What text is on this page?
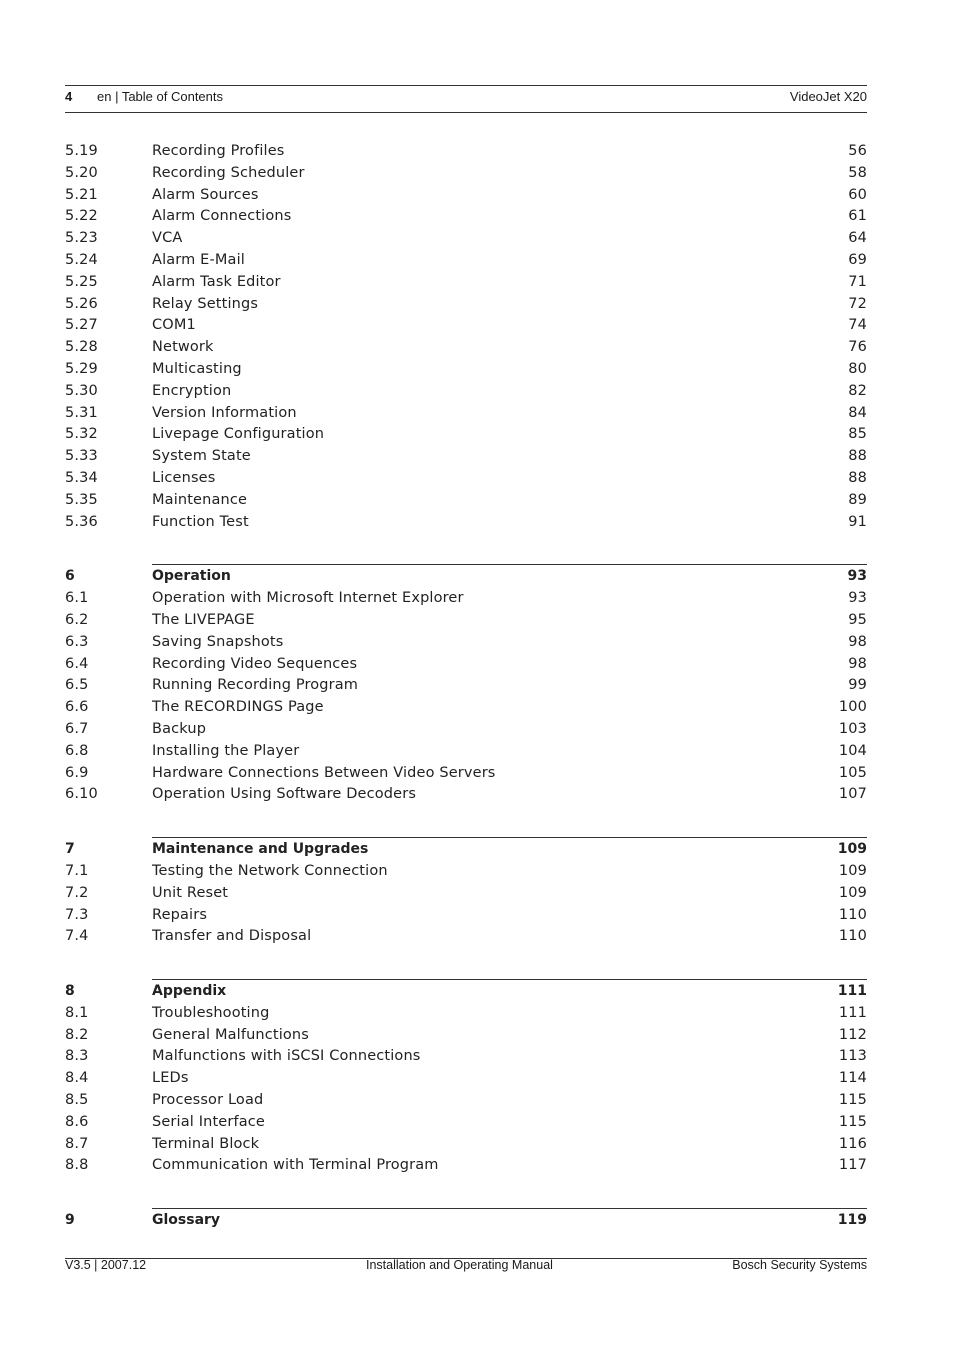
4 en | Table of Contents	VideoJet X20
5.19	Recording Profiles	56
5.20	Recording Scheduler	58
5.21	Alarm Sources	60
5.22	Alarm Connections	61
5.23	VCA	64
5.24	Alarm E-Mail	69
5.25	Alarm Task Editor	71
5.26	Relay Settings	72
5.27	COM1	74
5.28	Network	76
5.29	Multicasting	80
5.30	Encryption	82
5.31	Version Information	84
5.32	Livepage Configuration	85
5.33	System State	88
5.34	Licenses	88
5.35	Maintenance	89
5.36	Function Test	91
6	Operation	93
6.1	Operation with Microsoft Internet Explorer	93
6.2	The LIVEPAGE	95
6.3	Saving Snapshots	98
6.4	Recording Video Sequences	98
6.5	Running Recording Program	99
6.6	The RECORDINGS Page	100
6.7	Backup	103
6.8	Installing the Player	104
6.9	Hardware Connections Between Video Servers	105
6.10	Operation Using Software Decoders	107
7	Maintenance and Upgrades	109
7.1	Testing the Network Connection	109
7.2	Unit Reset	109
7.3	Repairs	110
7.4	Transfer and Disposal	110
8	Appendix	111
8.1	Troubleshooting	111
8.2	General Malfunctions	112
8.3	Malfunctions with iSCSI Connections	113
8.4	LEDs	114
8.5	Processor Load	115
8.6	Serial Interface	115
8.7	Terminal Block	116
8.8	Communication with Terminal Program	117
9	Glossary	119
V3.5 | 2007.12	Installation and Operating Manual	Bosch Security Systems
